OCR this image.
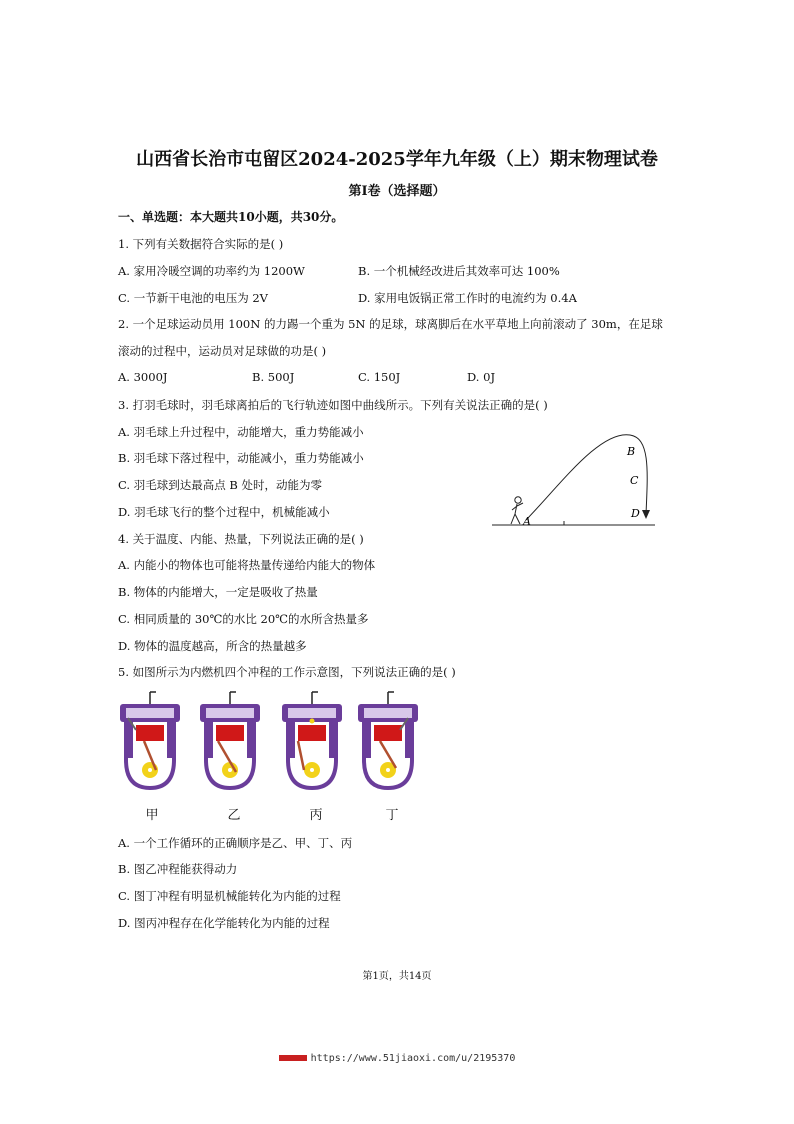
山西省长治市屯留区2024-2025学年九年级（上）期末物理试卷
第Ⅰ卷（选择题）
一、单选题：本大题共10小题，共30分。
1. 下列有关数据符合实际的是( )
A. 家用冷暖空调的功率约为 1200W	B. 一个机械经改进后其效率可达 100%
C. 一节新干电池的电压为 2V	D. 家用电饭锅正常工作时的电流约为 0.4A
2. 一个足球运动员用 100N 的力踢一个重为 5N 的足球，球离脚后在水平草地上向前滚动了 30m，在足球
滚动的过程中，运动员对足球做的功是( )
A. 3000J	B. 500J	C. 150J	D. 0J
3. 打羽毛球时，羽毛球离拍后的飞行轨迹如图中曲线所示。下列有关说法正确的是( )
A. 羽毛球上升过程中，动能增大，重力势能减小
B. 羽毛球下落过程中，动能减小，重力势能减小
C. 羽毛球到达最高点 B 处时，动能为零
D. 羽毛球飞行的整个过程中，机械能减小
A
B
C
D
4. 关于温度、内能、热量，下列说法正确的是( )
A. 内能小的物体也可能将热量传递给内能大的物体
B. 物体的内能增大，一定是吸收了热量
C. 相同质量的 30℃的水比 20℃的水所含热量多
D. 物体的温度越高，所含的热量越多
5. 如图所示为内燃机四个冲程的工作示意图，下列说法正确的是( )
甲	乙	丙	丁
A. 一个工作循环的正确顺序是乙、甲、丁、丙
B. 图乙冲程能获得动力
C. 图丁冲程有明显机械能转化为内能的过程
D. 图丙冲程存在化学能转化为内能的过程
第1页，共14页
https://www.51jiaoxi.com/u/2195370
